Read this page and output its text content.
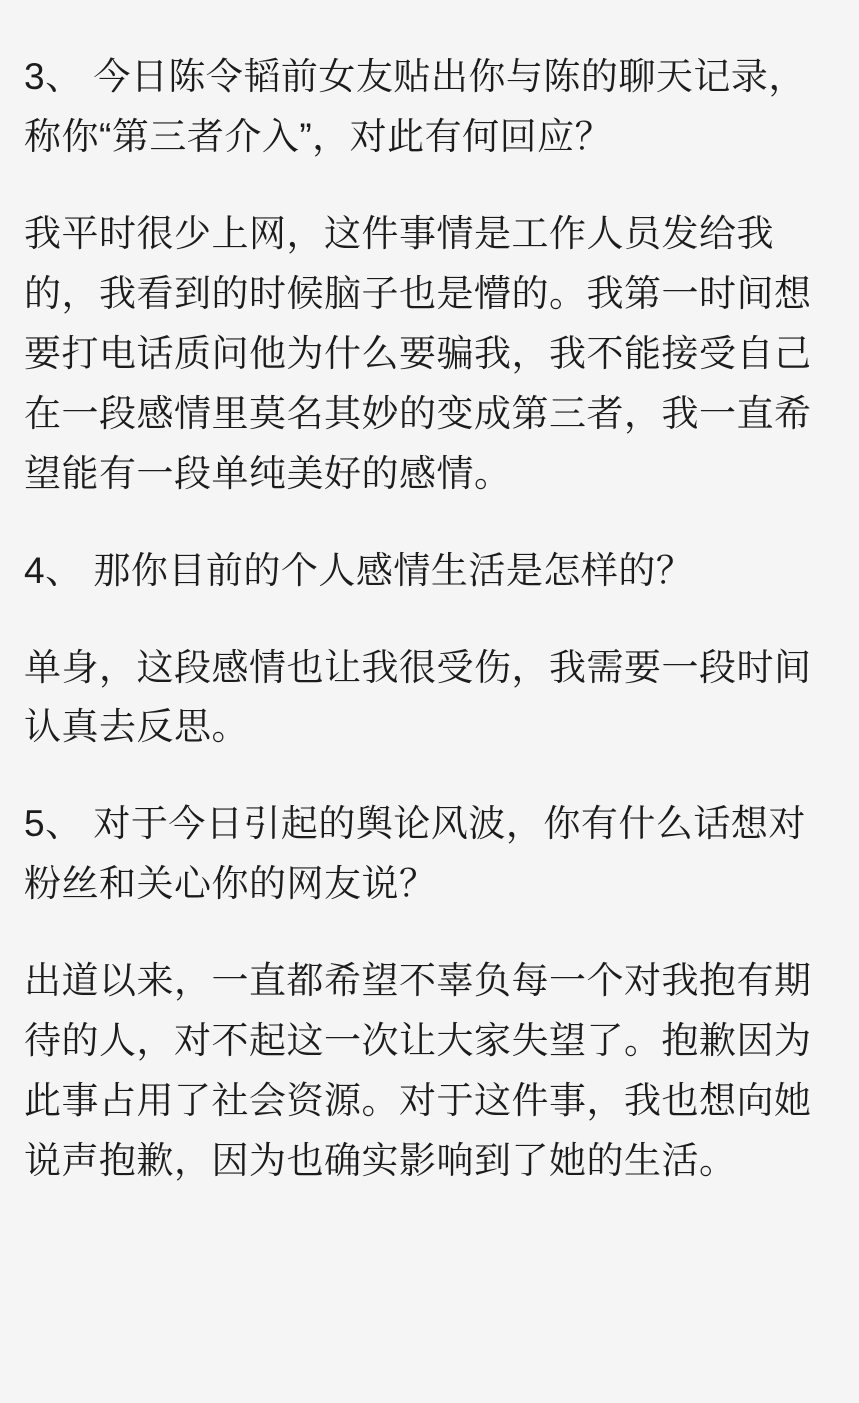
3、 今日陈令韬前女友贴出你与陈的聊天记录，称你“第三者介入”，对此有何回应？

我平时很少上网，这件事情是工作人员发给我的，我看到的时候脑子也是懵的。我第一时间想要打电话质问他为什么要骗我，我不能接受自己在一段感情里莫名其妙的变成第三者，我一直希望能有一段单纯美好的感情。

4、 那你目前的个人感情生活是怎样的？

单身，这段感情也让我很受伤，我需要一段时间认真去反思。

5、 对于今日引起的舆论风波，你有什么话想对粉丝和关心你的网友说？

出道以来，一直都希望不辜负每一个对我抱有期待的人，对不起这一次让大家失望了。抱歉因为此事占用了社会资源。对于这件事，我也想向她说声抱歉，因为也确实影响到了她的生活。
